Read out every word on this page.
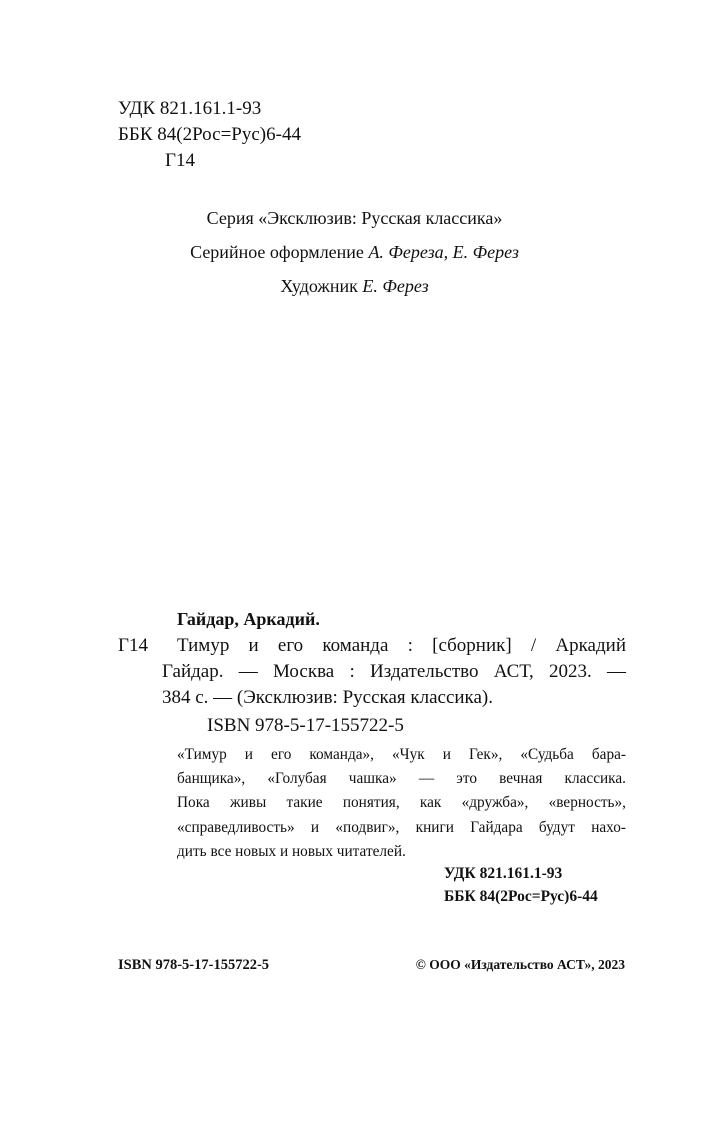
УДК 821.161.1-93
ББК 84(2Рос=Рус)6-44
Г14
Серия «Эксклюзив: Русская классика»
Серийное оформление А. Фереза, Е. Ферез
Художник Е. Ферез
Гайдар, Аркадий.
Г14 Тимур и его команда : [сборник] / Аркадий
Гайдар. — Москва : Издательство АСТ, 2023. —
384 с. — (Эксклюзив: Русская классика).
ISBN 978-5-17-155722-5
«Тимур и его команда», «Чук и Гек», «Судьба бара-
банщика», «Голубая чашка» — это вечная классика.
Пока живы такие понятия, как «дружба», «верность»,
«справедливость» и «подвиг», книги Гайдара будут нахо-
дить все новых и новых читателей.
УДК 821.161.1-93
ББК 84(2Рос=Рус)6-44
ISBN 978-5-17-155722-5	© ООО «Издательство АСТ», 2023
